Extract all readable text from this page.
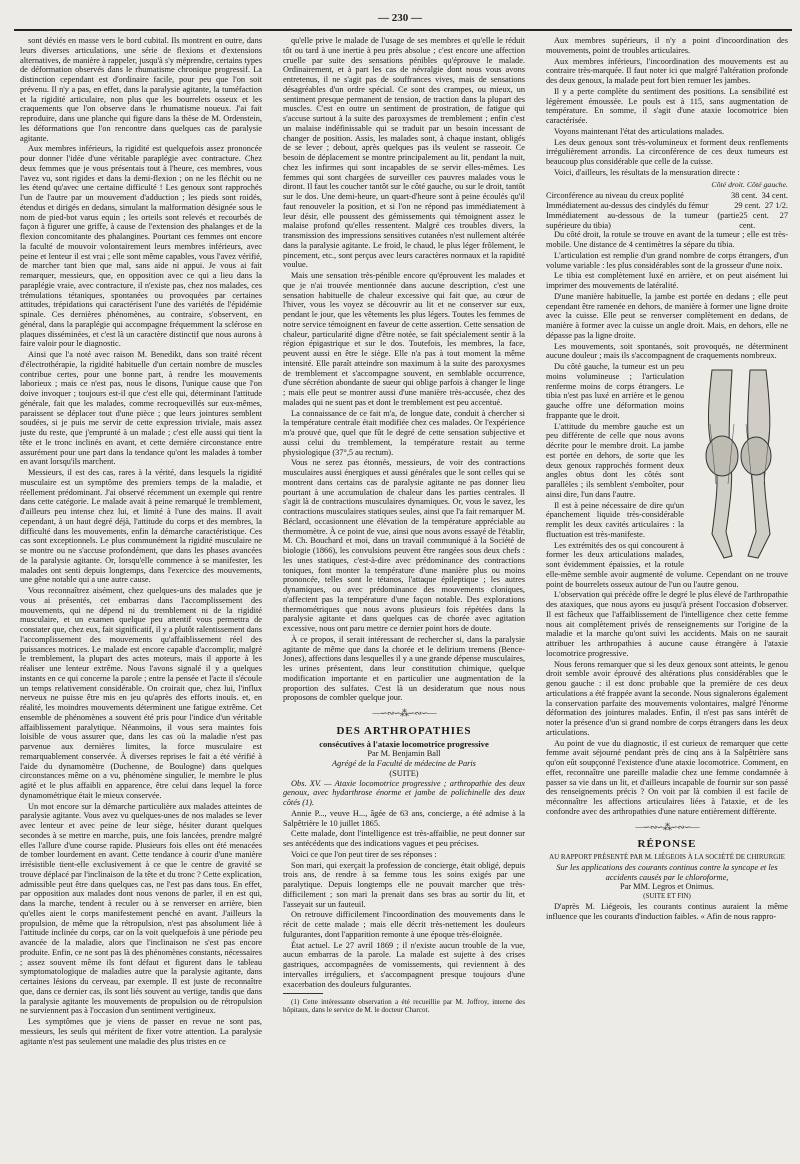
— 230 —

sont déviés en masse vers le bord cubital. Ils montrent en outre, dans leurs diverses articulations, une série de flexions et d'extensions alternatives, de manière à rappeler, jusqu'à s'y méprendre, certains types de déformation observés dans le rhumatisme chronique progressif. La distinction cependant est d'ordinaire facile, pour peu que l'on soit prévenu. Il n'y a pas, en effet, dans la paralysie agitante, la tuméfaction et la rigidité articulaire, non plus que les bourrelets osseux et les craquements que l'on observe dans le rhumatisme noueux. J'ai fait reproduire, dans une planche qui figure dans la thèse de M. Ordenstein, les déformations que l'on rencontre dans quelques cas de paralysie agitante.

Aux membres inférieurs, la rigidité est quelquefois assez prononcée pour donner l'idée d'une véritable paraplégie avec contracture. Chez deux femmes que je vous présentais tout à l'heure, ces membres, vous l'avez vu, sont rigides et dans la demi-flexion ; on ne les fléchit ou ne les étend qu'avec une certaine difficulté ! Les genoux sont rapprochés l'un de l'autre par un mouvement d'adduction ; les pieds sont roidés, étendus et dirigés en dedans, simulant la malformation désignée sous le nom de pied-bot varus equin ; les orteils sont relevés et recourbés de façon à figurer une griffe, à cause de l'extension des phalanges et de la flexion concomitante des phalangines. Pourtant ces femmes ont encore la faculté de mouvoir volontairement leurs membres inférieurs, avec peine et lenteur il est vrai ; elle sont même capables, vous l'avez vérifié, de marcher tant bien que mal, sans aide ni appui. Je vous ai fait remarquer, messieurs, que, en opposition avec ce qui a lieu dans la paraplégie vraie, avec contracture, il n'existe pas, chez nos malades, ces trémulations tétaniques, spontanées ou provoquées par certaines attitudes, trépidations qui caractérisent l'une des variétés de l'épidémie spinale. Ces dernières phénomènes, au contraire, s'observent, en général, dans la paraplégie qui accompagne fréquemment la sclérose en plaques disséminées, et c'est là un caractère distinctif que nous aurons à faire valoir pour le diagnostic.

Ainsi que l'a noté avec raison M. Benedikt, dans son traité récent d'électrothérapie, la rigidité habituelle d'un certain nombre de muscles contribue certes, pour une bonne part, à rendre les mouvements laborieux ; mais ce n'est pas, nous le disons, l'unique cause que l'on doive invoquer ; toujours est-il que c'est elle qui, déterminant l'attitude générale, fait que les malades, comme recroquevillés sur eux-mêmes, paraissent se déplacer tout d'une pièce ; que leurs jointures semblent soudées, si je puis me servir de cette expression triviale, mais assez juste du reste, que j'emprunté à un malade ; c'est elle aussi qui tient la tête et le tronc inclinés en avant, et cette dernière circonstance entre assurément pour une part dans la tendance qu'ont les malades à tomber en avant lorsqu'ils marchent.

Messieurs, il est des cas, rares à la vérité, dans lesquels la rigidité musculaire est un symptôme des premiers temps de la maladie, et réellement prédominant. J'ai observé récemment un exemple qui rentre dans cette catégorie. Le malade avait à peine remarqué le tremblement, d'ailleurs peu intense chez lui, et limité à l'une des mains. Il avait cependant, à un haut degré déjà, l'attitude du corps et des membres, la difficulté dans les mouvements, enfin la démarche caractéristique. Ces cas sont exceptionnels. Le plus communément la rigidité musculaire ne se montre ou ne s'accuse profondément, que dans les phases avancées de la paralysie agitante. Or, lorsqu'elle commence à se manifester, les malades ont senti depuis longtemps, dans l'exercice des mouvements, une gêne notable qui a une autre cause.

Vous reconnaîtrez aisément, chez quelques-uns des malades que je vous ai présentés, cet embarras dans l'accomplissement des mouvements, qui ne dépend ni du tremblement ni de la rigidité musculaire, et un examen quelque peu attentif vous permettra de constater que, chez eux, fait significatif, il y a plutôt ralentissement dans l'accomplissement des mouvements qu'affaiblissement réel des puissances motrices. Le malade est encore capable d'accomplir, malgré le tremblement, la plupart des actes moteurs, mais il apporte à les réaliser une lenteur extrême. Nous l'avons signalé il y a quelques instants en ce qui concerne la parole ; entre la pensée et l'acte il s'écoule un temps relativement considérable. On croirait que, chez lui, l'influx nerveux ne puisse être mis en jeu qu'après des efforts inouïs. et, en réalité, les moindres mouvements déterminent une fatigue extrême. Cet ensemble de phénomènes a souvent été pris pour l'indice d'un véritable affaiblissement paralytique. Néanmoins, il vous sera maintes fois loisible de vous assurer que, dans les cas où la maladie n'est pas parvenue aux dernières limites, la force musculaire est remarquablement conservée. À diverses reprises le fait a été vérifié à l'aide du dynamomètre (Duchenne, de Boulogne) dans quelques circonstances même on a vu, phénomène singulier, le membre le plus agité et le plus affaibli en apparence, être celui dans lequel la force dynamométrique était le mieux conservée.

Un mot encore sur la démarche particulière aux malades atteintes de paralysie agitante. Vous avez vu quelques-unes de nos malades se lever avec lenteur et avec peine de leur siège, hésiter durant quelques secondes à se mettre en marche, puis, une fois lancées, prendre malgré elles l'allure d'une course rapide. Plusieurs fois elles ont été menacées de tomber lourdement en avant. Cette tendance à courir d'une manière irrésistible tient-elle exclusivement à ce que le centre de gravité se trouve déplacé par l'inclinaison de la tête et du tronc ? Cette explication, admissible peut être dans quelques cas, ne l'est pas dans tous. En effet, par opposition aux malades dont nous venons de parler, il en est qui, dans la marche, tendent à reculer ou à se renverser en arrière, bien qu'elles aient le corps manifestement penché en avant. J'ailleurs la propulsion, de même que la rétropulsion, n'est pas absolument liée à l'attitude inclinée du corps, car on la voit quelquefois à une période peu avancée de la maladie, alors que l'inclinaison ne s'est pas encore produite. Enfin, ce ne sont pas là des phénomènes constants, nécessaires ; assez souvent même ils font défaut et figurent dans le tableau symptomatologique de maladies autre que la paralysie agitante, dans certaines lésions du cerveau, par exemple. Il est juste de reconnaître que, dans ce dernier cas, ils sont liés souvent au vertige, tandis que dans la paralysie agitante les mouvements de propulsion ou de rétropulsion ne surviennent pas à l'occasion d'un sentiment vertigineux.

Les symptômes que je viens de passer en revue ne sont pas, messieurs, les seuls qui méritent de fixer votre attention. La paralysie agitante n'est pas seulement une maladie des plus tristes en ce

qu'elle prive le malade de l'usage de ses membres et qu'elle le réduit tôt ou tard à une inertie à peu près absolue ; c'est encore une affection cruelle par suite des sensations pénibles qu'éprouve le malade. Ordinairement, et à part les cas de névralgie dont nous vous avons entretenus, il ne s'agit pas de souffrances vives, mais de sensations désagréables d'un ordre spécial. Ce sont des crampes, ou mieux, un sentiment presque permanent de tension, de traction dans la plupart des muscles. C'est en outre un sentiment de prostration, de fatigue qui s'accuse surtout à la suite des paroxysmes de tremblement ; enfin c'est un malaise indéfinissable qui se traduit par un besoin incessant de changer de position. Assis, les malades sont, à chaque instant, obligés de se lever ; debout, après quelques pas ils veulent se rasseoir. Ce besoin de déplacement se montre principalement au lit, pendant la nuit, chez les infirmes qui sont incapables de se servir elles-mêmes. Les femmes qui sont chargées de surveiller ces pauvres malades vous le diront. Il faut les coucher tantôt sur le côté gauche, ou sur le droit, tantôt sur le dos. Une demi-heure, un quart-d'heure sont à peine écoulés qu'il faut renouveler la position, et si l'on ne répond pas immédiatement à leur désir, elle poussent des gémissements qui témoignent assez le malaise profond qu'elles ressentent. Malgré ces troubles divers, la transmission des impressions sensitives cutanées n'est nullement altérée dans la paralysie agitante. Le froid, le chaud, le plus léger frôlement, le pincement, etc., sont perçus avec leurs caractères normaux et la rapidité voulue.

Mais une sensation très-pénible encore qu'éprouvent les malades et que je n'ai trouvée mentionnée dans aucune description, c'est une sensation habituelle de chaleur excessive qui fait que, au cœur de l'hiver, vous les voyez se découvrir au lit et ne conserver sur eux, pendant le jour, que les vêtements les plus légers. Toutes les femmes de notre service témoignent en faveur de cette assertion. Cette sensation de chaleur, particularité digne d'être notée, se fait spécialement sentir à la région épigastrique et sur le dos. Toutefois, les membres, la face, peuvent aussi en être le siège. Elle n'a pas à tout moment la même intensité. Elle paraît atteindre son maximum à la suite des paroxysmes de tremblement et s'accompagne souvent, en semblable occurrence, d'une sécrétion abondante de sueur qui oblige parfois à changer le linge ; mais elle peut se montrer aussi d'une manière très-accusée, chez des malades qui ne suent pas et dont le tremblement est peu accentué.

La connaissance de ce fait m'a, de longue date, conduit à chercher si la température centrale était modifiée chez ces malades. Or l'expérience m'a prouvé que, quel que fût le degré de cette sensation subjective et aussi celui du tremblement, la température restait au terme physiologique (37°,5 au rectum).

Vous ne serez pas étonnés, messieurs, de voir des contractions musculaires aussi énergiques et aussi générales que le sont celles qui se montrent dans certains cas de paralysie agitante ne pas donner lieu pourtant à une accumulation de chaleur dans les parties centrales. Il s'agit là de contractions musculaires dynamiques. Or, vous le savez, les contractions musculaires statiques seules, ainsi que l'a fait remarquer M. Béclard, occasionnent une élévation de la température appréciable au thermomètre. À ce point de vue, ainsi que nous avons essayé de l'établir, M. Ch. Bouchard et moi, dans un travail communiqué à la Société de biologie (1866), les convulsions peuvent être rangées sous deux chefs : les unes statiques, c'est-à-dire avec prédominance des contractions toniques, font monter la température d'une manière plus ou moins prononcée, telles sont le tétanos, l'attaque épileptique ; les autres dynamiques, ou avec prédominance des mouvements cloniques, n'affectent pas la température d'une façon notable. Des explorations thermométriques que nous avons plusieurs fois répétées dans la paralysie agitante et dans quelques cas de chorée avec agitation excessive, nous ont paru mettre ce dernier point hors de doute.

À ce propos, il serait intéressant de rechercher si, dans la paralysie agitante de même que dans la chorée et le delirium tremens (Bence-Jones), affections dans lesquelles il y a une grande dépense musculaires, les urines présentent, dans leur constitution chimique, quelque modification importante et en particulier une augmentation de la proportion des sulfates. C'est là un desideratum que nous nous proposons de combler quelque jour.

—∽∾∽⁂∽∾∽—
DES ARTHROPATHIES
consécutives à l'ataxie locomotrice progressive
Par M. Benjamin Ball
Agrégé de la Faculté de médecine de Paris
(SUITE)

Obs. XV. — Ataxie locomotrice progressive ; arthropathie des deux genoux, avec hydarthrose énorme et jambe de polichinelle des deux côtés (1).

Annie P..., veuve H..., âgée de 63 ans, concierge, a été admise à la Salpêtrière le 10 juillet 1865.

Cette malade, dont l'intelligence est très-affaiblie, ne peut donner sur ses antécédents que des indications vagues et peu précises.

Voici ce que l'on peut tirer de ses réponses :

Son mari, qui exerçait la profession de concierge, était obligé, depuis trois ans, de rendre à sa femme tous les soins exigés par une paralytique. Depuis longtemps elle ne pouvait marcher que très-difficilement ; son mari la prenait dans ses bras au sortir du lit, et l'asseyait sur un fauteuil.

On retrouve difficilement l'incoordination des mouvements dans le récit de cette malade ; mais elle décrit très-nettement les douleurs fulgurantes, dont l'apparition remonte à une époque très-éloignée.

État actuel. Le 27 avril 1869 ; il n'existe aucun trouble de la vue, aucun embarras de la parole. La malade est sujette à des crises gastriques, accompagnées de vomissements, qui reviennent à des intervalles irréguliers, et s'accompagnent presque toujours d'une exacerbation des douleurs fulgurantes.

(1) Cette intéressante observation a été recueillie par M. Joffroy, interne des hôpitaux, dans le service de M. le docteur Charcot.

Aux membres supérieurs, il n'y a point d'incoordination des mouvements, point de troubles articulaires.

Aux membres inférieurs, l'incoordination des mouvements est au contraire très-marquée. Il faut noter ici que malgré l'altération profonde des deux genoux, la malade peut fort bien remuer les jambes.

Il y a perte complète du sentiment des positions. La sensibilité est légèrement émoussée. Le pouls est à 115, sans augmentation de température. En somme, il s'agit d'une ataxie locomotrice bien caractérisée.

Voyons maintenant l'état des articulations malades.

Les deux genoux sont très-volumineux et forment deux renflements irrégulièrement arrondis. La circonférence de ces deux tumeurs est beaucoup plus considérable que celle de la cuisse.

Voici, d'ailleurs, les résultats de la mensuration directe :

Côté droit. Côté gauche.
Circonférence au niveau du creux poplité	38 cent. 34 cent.
Immédiatement au-dessus des cindylés du fémur	29 cent. 27 1/2.
Immédiatement au-dessous de la tumeur (partie supérieure du tibia)
25 cent. 27 cent.

Du côté droit, la rotule se trouve en avant de la tumeur ; elle est très-mobile. Une distance de 4 centimètres la sépare du tibia.

L'articulation est remplie d'un grand nombre de corps étrangers, d'un volume variable : les plus considérables sont de la grosseur d'une noix.

Le tibia est complètement luxé en arrière, et on peut aisément lui imprimer des mouvements de latéralité.

D'une manière habituelle, la jambe est portée en dedans ; elle peut cependant être ramenée en dehors, de manière à former une ligne droite avec la cuisse. Elle peut se renverser complètement en dedans, de manière à former avec la cuisse un angle droit. Mais, en dehors, elle ne dépasse pas la ligne droite.

Les mouvements, soit spontanés, soit provoqués, ne déterminent aucune douleur ; mais ils s'accompagnent de craquements nombreux.

Du côté gauche, la tumeur est un peu moins volumineuse ; l'articulation renferme moins de corps étrangers. Le tibia n'est pas luxé en arrière et le genou gauche offre une déformation moins frappante que le droit.

L'attitude du membre gauche est un peu différente de celle que nous avons décrite pour le membre droit. La jambe est portée en dehors, de sorte que les deux genoux rapprochés forment deux angles obtus dont les côtés sont parallèles ; ils semblent s'emboîter, pour ainsi dire, l'un dans l'autre.

Il est à peine nécessaire de dire qu'un épanchement liquide très-considérable remplit les deux cavités articulaires : la fluctuation est très-manifeste.

Les extrémités des os qui concourent à former les deux articulations malades, sont évidemment épaissies, et la rotule elle-même semble avoir augmenté de volume. Cependant on ne trouve point de bourrelets osseux autour de l'un ou l'autre genou.

L'observation qui précède offre le degré le plus élevé de l'arthropathie des ataxiques, que nous ayons eu jusqu'à présent l'occasion d'observer. Il est fâcheux que l'affaiblissement de l'intelligence chez cette femme nous ait complètement privés de renseignements sur l'origine de la maladie et la marche qu'ont suivi les accidents. Mais on ne saurait attribuer les arthropathies à aucune cause étrangère à l'ataxie locomotrice progressive.

Nous ferons remarquer que si les deux genoux sont atteints, le genou droit semble avoir éprouvé des altérations plus considérables que le genou gauche : il est donc probable que la première de ces deux articulations a été frappée avant la seconde. Nous signalerons également la conservation parfaite des mouvements volontaires, malgré l'énorme déformation des jointures malades. Enfin, il n'est pas sans intérêt de noter la présence d'un si grand nombre de corps étrangers dans les deux articulations.

Au point de vue du diagnostic, il est curieux de remarquer que cette femme avait séjourné pendant près de cinq ans à la Salpêtrière sans qu'on eût soupçonné l'existence d'une ataxie locomotrice. Comment, en effet, reconnaître une pareille maladie chez une femme condamnée à passer sa vie dans un lit, et d'ailleurs incapable de fournir sur son passé des renseignements précis ? On voit par là combien il est facile de méconnaître les affections articulaires liées à l'ataxie, et de les confondre avec des arthropathies d'une nature entièrement différente.

—∽∾∽⁂∽∾∽—
RÉPONSE
AU RAPPORT PRÉSENTÉ PAR M. LIÉGEOIS À LA SOCIÉTÉ DE CHIRURGIE
Sur les applications des courants continus contre la syncope et les accidents causés par le chloroforme,
Par MM. Legros et Onimus.
(SUITE ET FIN)

D'après M. Liégeois, les courants continus auraient la même influence que les courants d'induction faibles. « Afin de nous rappro-
